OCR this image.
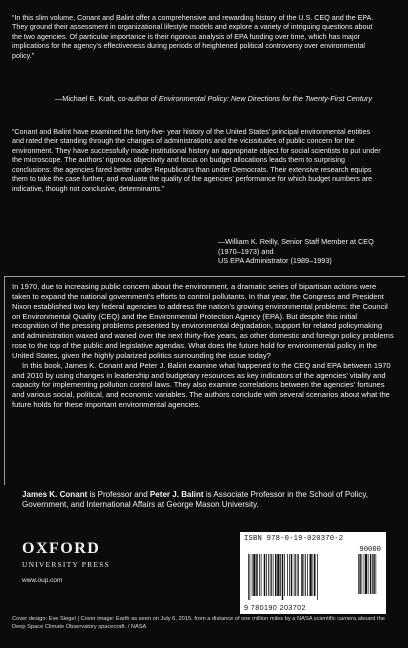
“In this slim volume, Conant and Balint offer a comprehensive and rewarding history of the U.S. CEQ and the EPA. They ground their assessment in organizational lifestyle models and explore a variety of intriguing questions about the two agencies. Of particular importance is their rigorous analysis of EPA funding over time, which has major implications for the agency’s effectiveness during periods of heightened political controversy over environmental policy.”

—Michael E. Kraft, co-author of Environmental Policy: New Directions for the Twenty-First Century

“Conant and Balint have examined the forty-five- year history of the United States’ principal environmental entities and rated their standing through the changes of administrations and the vicissitudes of public concern for the environment. They have successfully made institutional history an appropriate object for social scientists to put under the microscope. The authors’ rigorous objectivity and focus on budget allocations leads them to surprising conclusions: the agencies fared better under Republicans than under Democrats. Their extensive research equips them to take the case further, and evaluate the quality of the agencies’ performance for which budget numbers are indicative, though not conclusive, determinants.”

—William K. Reilly, Senior Staff Member at CEQ (1970–1973) and
US EPA Administrator (1989–1993)

In 1970, due to increasing public concern about the environment, a dramatic series of bipartisan actions were taken to expand the national government’s efforts to control pollutants. In that year, the Congress and President Nixon established two key federal agencies to address the nation’s growing environmental problems: the Council on Environmental Quality (CEQ) and the Environmental Protection Agency (EPA). But despite this initial recognition of the pressing problems presented by environmental degradation, support for related policymaking and administration waxed and waned over the next thirty-five years, as other domestic and foreign policy problems rose to the top of the public and legislative agendas. What does the future hold for environmental policy in the United States, given the highly polarized politics surrounding the issue today?
In this book, James K. Conant and Peter J. Balint examine what happened to the CEQ and EPA between 1970 and 2010 by using changes in leadership and budgetary resources as key indicators of the agencies’ vitality and capacity for implementing pollution control laws. They also examine correlations between the agencies’ fortunes and various social, political, and economic variables. The authors conclude with several scenarios about what the future holds for these important environmental agencies.

James K. Conant is Professor and Peter J. Balint is Associate Professor in the School of Policy, Government, and International Affairs at George Mason University.

OXFORD
UNIVERSITY PRESS
www.oup.com
ISBN 978-0-19-020370-2
90000
9 780190 203702

Cover design: Eve Siegel | Cover image: Earth as seen on July 6, 2015, from a distance of one million miles by a NASA scientific camera aboard the Deep Space Climate Observatory spacecraft. / NASA
